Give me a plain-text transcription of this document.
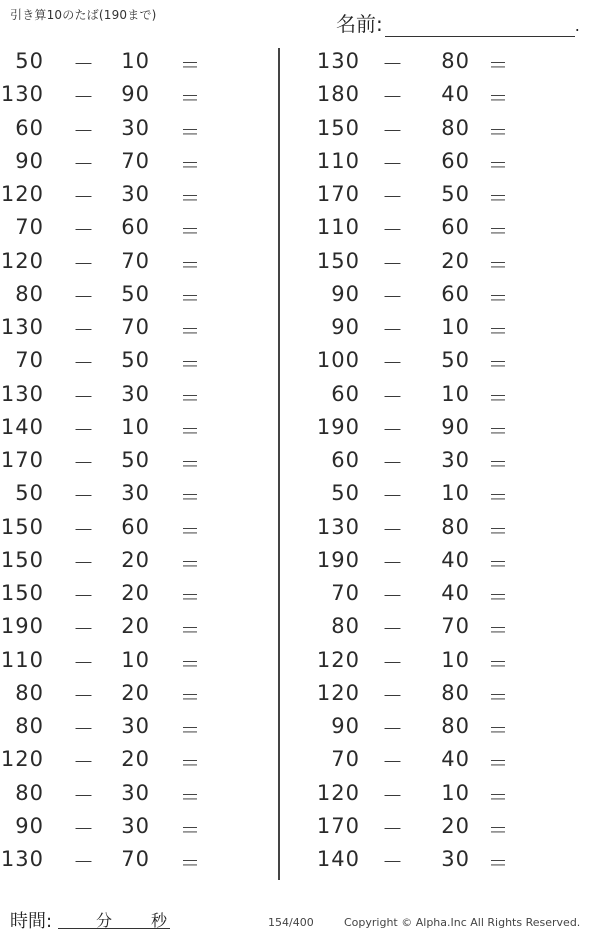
引き算10のたば(190まで)	名前:	.
50 －	10 ＝
130 －	90 ＝
60 －	30 ＝
90 －	70 ＝
120 －	30 ＝
70 －	60 ＝
120 －	70 ＝
80 －	50 ＝
130 －	70 ＝
70 －	50 ＝
130 －	30 ＝
140 －	10 ＝
170 －	50 ＝
50 －	30 ＝
150 －	60 ＝
150 －	20 ＝
150 －	20 ＝
190 －	20 ＝
110 －	10 ＝
80 －	20 ＝
80 －	30 ＝
120 －	20 ＝
80 －	30 ＝
90 －	30 ＝
130 －	70 ＝
130 －	80 ＝
180 －	40 ＝
150 －	80 ＝
110 －	60 ＝
170 －	50 ＝
110 －	60 ＝
150 －	20 ＝
90 －	60 ＝
90 －	10 ＝
100 －	50 ＝
60 －	10 ＝
190 －	90 ＝
60 －	30 ＝
50 －	10 ＝
130 －	80 ＝
190 －	40 ＝
70 －	40 ＝
80 －	70 ＝
120 －	10 ＝
120 －	80 ＝
90 －	80 ＝
70 －	40 ＝
120 －	10 ＝
170 －	20 ＝
140 －	30 ＝
時間:	分 秒	154/400	Copyright © Alpha.Inc All Rights Reserved.
